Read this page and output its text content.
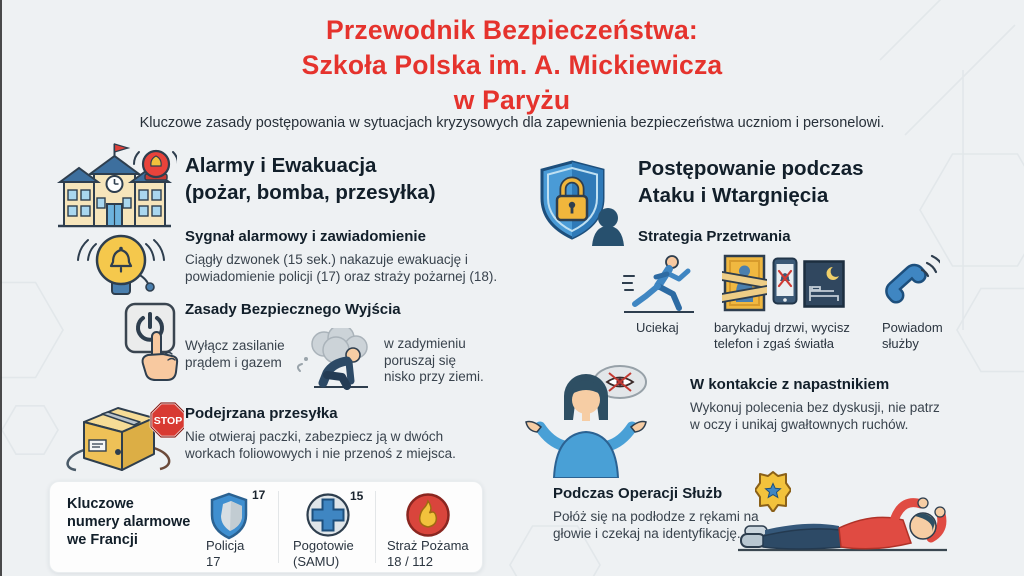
Przewodnik Bezpieczeństwa:
Szkoła Polska im. A. Mickiewicza
w Paryżu
Kluczowe zasady postępowania w sytuacjach kryzysowych dla zapewnienia bezpieczeństwa uczniom i personelowi.
Alarmy i Ewakuacja
(pożar, bomba, przesyłka)
Sygnał alarmowy i zawiadomienie
Ciągły dzwonek (15 sek.) nakazuje ewakuację i
powiadomienie policji (17) oraz straży pożarnej (18).
Zasady Bezpiecznego Wyjścia
Wyłącz zasilanie
prądem i gazem
w zadymieniu
poruszaj się
nisko przy ziemi.
STOP Podejrzana przesyłka
Nie otwieraj paczki, zabezpiecz ją w dwóch
workach foliowowych i nie przenoś z miejsca.
Kluczowe
numery alarmowe
we Francji
17
Policja
17
15
Pogotowie
(SAMU)
Straż Pożama
18 / 112
Postępowanie podczas
Ataku i Wtargnięcia
Strategia Przetrwania
Uciekaj	barykaduj drzwi, wycisz
telefon i zgaś światła
Powiadom
służby
W kontakcie z napastnikiem
Wykonuj polecenia bez dyskusji, nie patrz
w oczy i unikaj gwałtownych ruchów.
Podczas Operacji Służb
Połóż się na podłodze z rękami na
głowie i czekaj na identyfikację.
